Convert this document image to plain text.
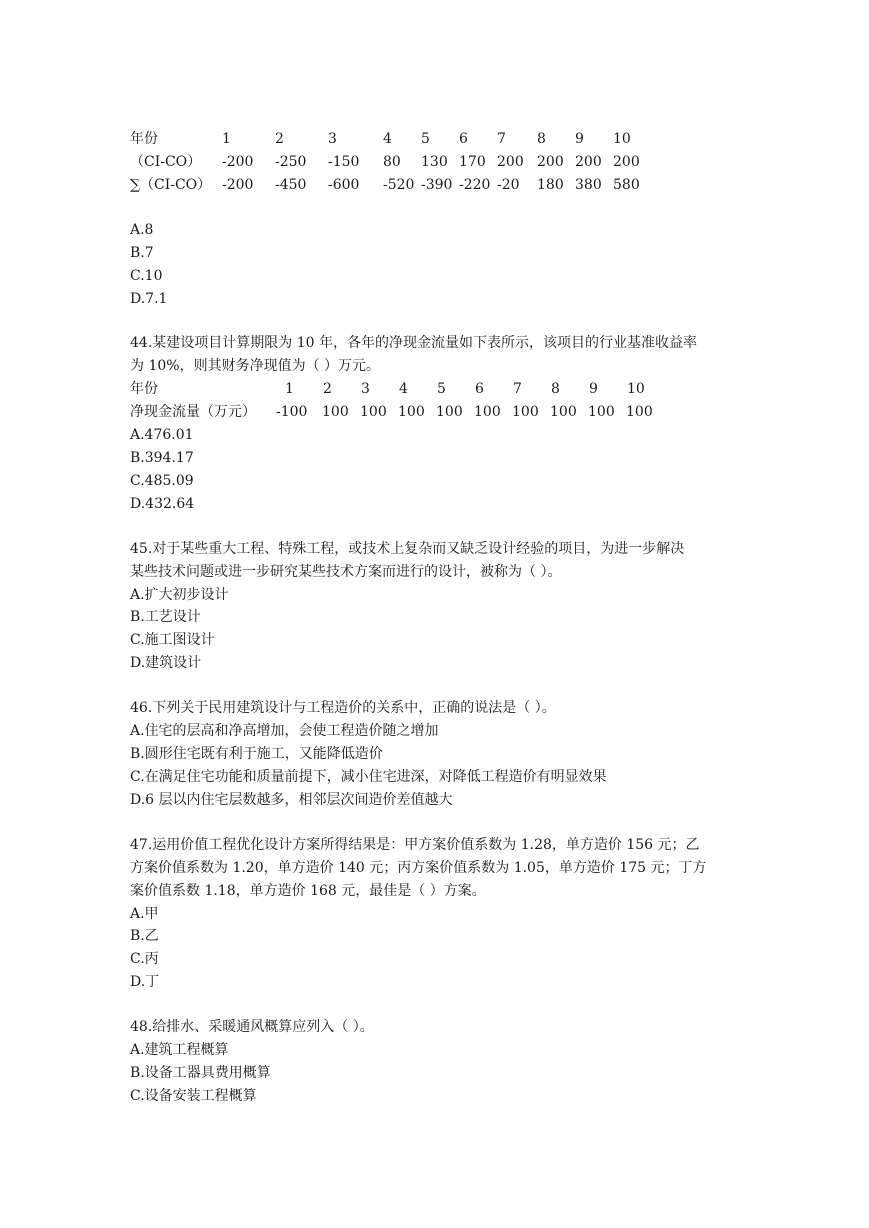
年份	1	2	3	4 5 6 7 8 9 10
（CI-CO） -200 -250 -150 80 130 170 200 200 200 200
∑（CI-CO） -200 -450 -600 -520 -390 -220 -20 180 380 580
A.8
B.7
C.10
D.7.1
44.某建设项目计算期限为 10 年，各年的净现金流量如下表所示，该项目的行业基准收益率
为 10%，则其财务净现值为（ ）万元。
年份	1 2 3 4 5 6 7 8 9 10
净现金流量（万元） -100 100 100 100 100 100 100 100 100 100
A.476.01
B.394.17
C.485.09
D.432.64
45.对于某些重大工程、特殊工程，或技术上复杂而又缺乏设计经验的项目，为进一步解决
某些技术问题或进一步研究某些技术方案而进行的设计，被称为（ ）。
A.扩大初步设计
B.工艺设计
C.施工图设计
D.建筑设计
46.下列关于民用建筑设计与工程造价的关系中，正确的说法是（ ）。
A.住宅的层高和净高增加，会使工程造价随之增加
B.圆形住宅既有利于施工，又能降低造价
C.在满足住宅功能和质量前提下，减小住宅进深，对降低工程造价有明显效果
D.6 层以内住宅层数越多，相邻层次间造价差值越大
47.运用价值工程优化设计方案所得结果是：甲方案价值系数为 1.28，单方造价 156 元；乙
方案价值系数为 1.20，单方造价 140 元；丙方案价值系数为 1.05，单方造价 175 元；丁方
案价值系数 1.18，单方造价 168 元，最佳是（ ）方案。
A.甲
B.乙
C.丙
D.丁
48.给排水、采暖通风概算应列入（ ）。
A.建筑工程概算
B.设备工器具费用概算
C.设备安装工程概算
